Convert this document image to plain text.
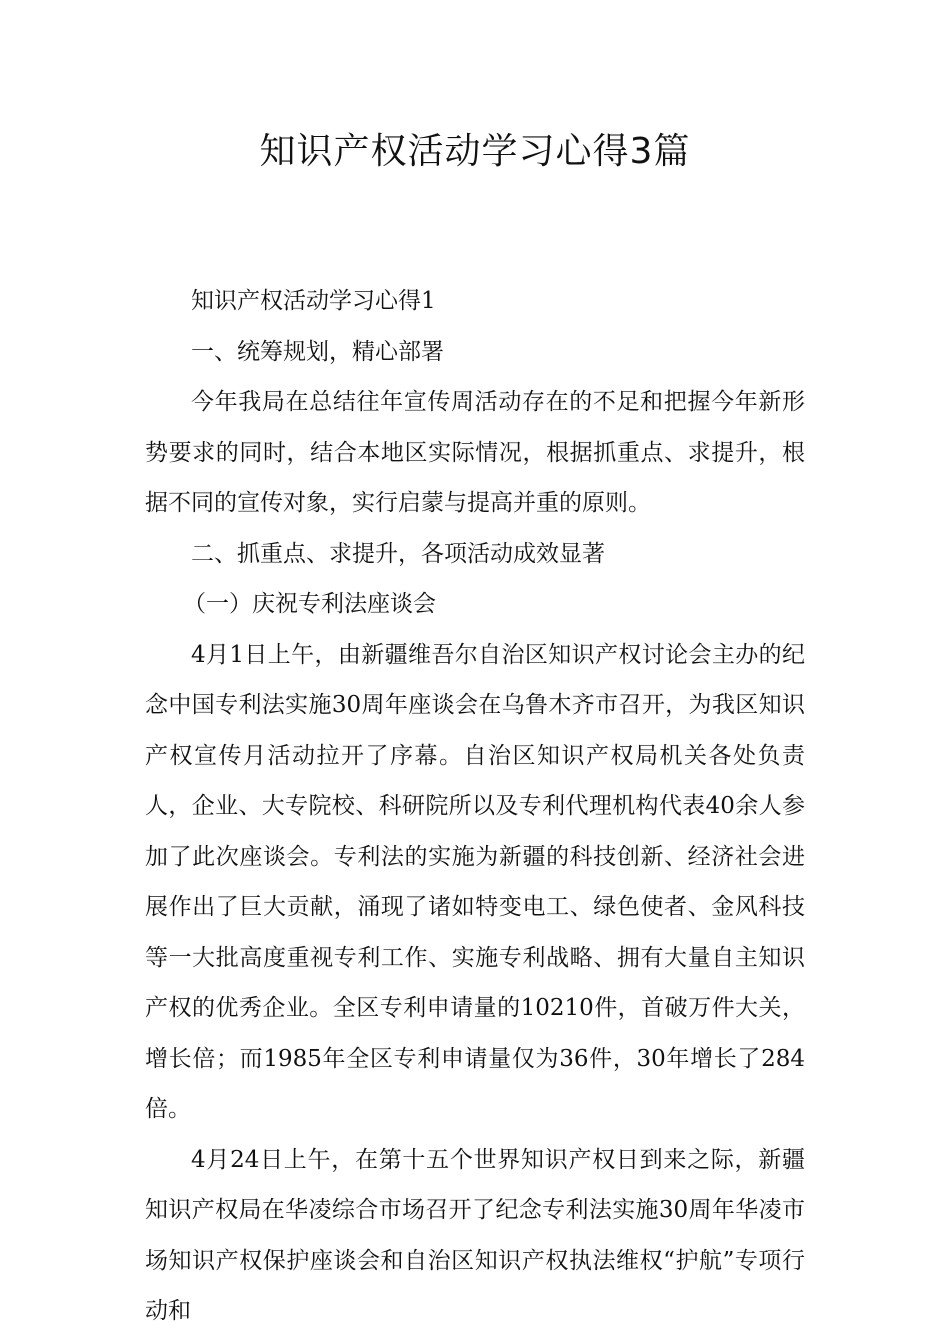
知识产权活动学习心得3篇

知识产权活动学习心得1

一、统筹规划，精心部署

今年我局在总结往年宣传周活动存在的不足和把握今年新形势要求的同时，结合本地区实际情况，根据抓重点、求提升，根据不同的宣传对象，实行启蒙与提高并重的原则。

二、抓重点、求提升，各项活动成效显著

（一）庆祝专利法座谈会

4月1日上午，由新疆维吾尔自治区知识产权讨论会主办的纪念中国专利法实施30周年座谈会在乌鲁木齐市召开，为我区知识产权宣传月活动拉开了序幕。自治区知识产权局机关各处负责人，企业、大专院校、科研院所以及专利代理机构代表40余人参加了此次座谈会。专利法的实施为新疆的科技创新、经济社会进展作出了巨大贡献，涌现了诸如特变电工、绿色使者、金风科技等一大批高度重视专利工作、实施专利战略、拥有大量自主知识产权的优秀企业。全区专利申请量的10210件，首破万件大关，增长倍；而1985年全区专利申请量仅为36件，30年增长了284倍。

4月24日上午，在第十五个世界知识产权日到来之际，新疆知识产权局在华凌综合市场召开了纪念专利法实施30周年华凌市场知识产权保护座谈会和自治区知识产权执法维权“护航”专项行动和
